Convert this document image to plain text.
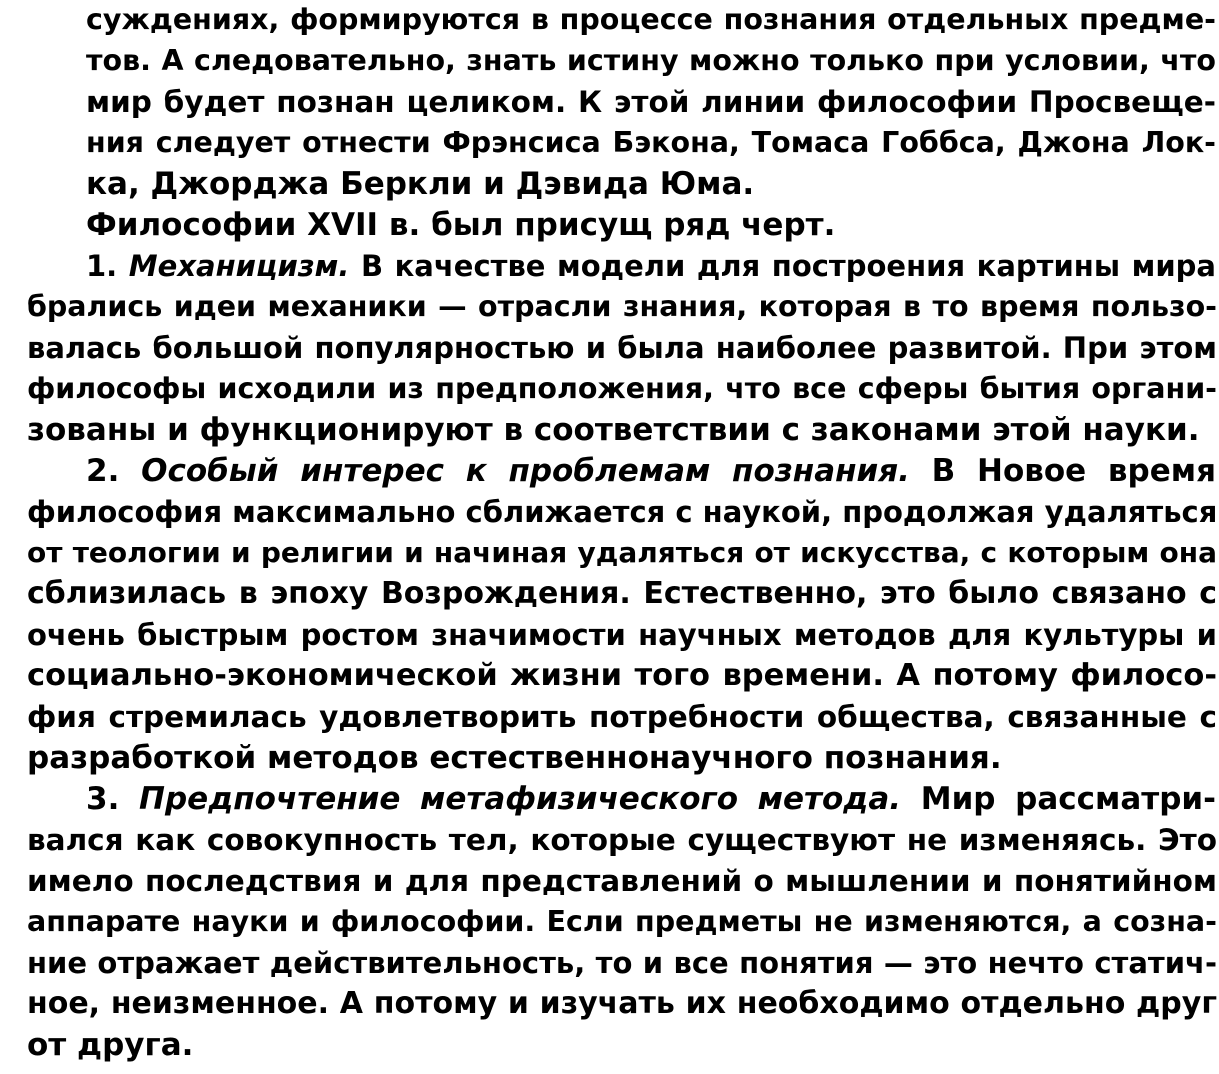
суждениях, формируются в процессе познания отдельных предме-
тов. А следовательно, знать истину можно только при условии, что
мир будет познан целиком. К этой линии философии Просвеще-
ния следует отнести Фрэнсиса Бэкона, Томаса Гоббса, Джона Лок-
ка, Джорджа Беркли и Дэвида Юма.
Философии XVII в. был присущ ряд черт.
1. Механицизм. В качестве модели для построения картины мира
брались идеи механики — отрасли знания, которая в то время пользо-
валась большой популярностью и была наиболее развитой. При этом
философы исходили из предположения, что все сферы бытия органи-
зованы и функционируют в соответствии с законами этой науки.
2. Особый интерес к проблемам познания. В Новое время
философия максимально сближается с наукой, продолжая удаляться
от теологии и религии и начиная удаляться от искусства, с которым она
сблизилась в эпоху Возрождения. Естественно, это было связано с
очень быстрым ростом значимости научных методов для культуры и
социально-экономической жизни того времени. А потому филосо-
фия стремилась удовлетворить потребности общества, связанные с
разработкой методов естественнонаучного познания.
3. Предпочтение метафизического метода. Мир рассматри-
вался как совокупность тел, которые существуют не изменяясь. Это
имело последствия и для представлений о мышлении и понятийном
аппарате науки и философии. Если предметы не изменяются, а созна-
ние отражает действительность, то и все понятия — это нечто статич-
ное, неизменное. А потому и изучать их необходимо отдельно друг
от друга.
